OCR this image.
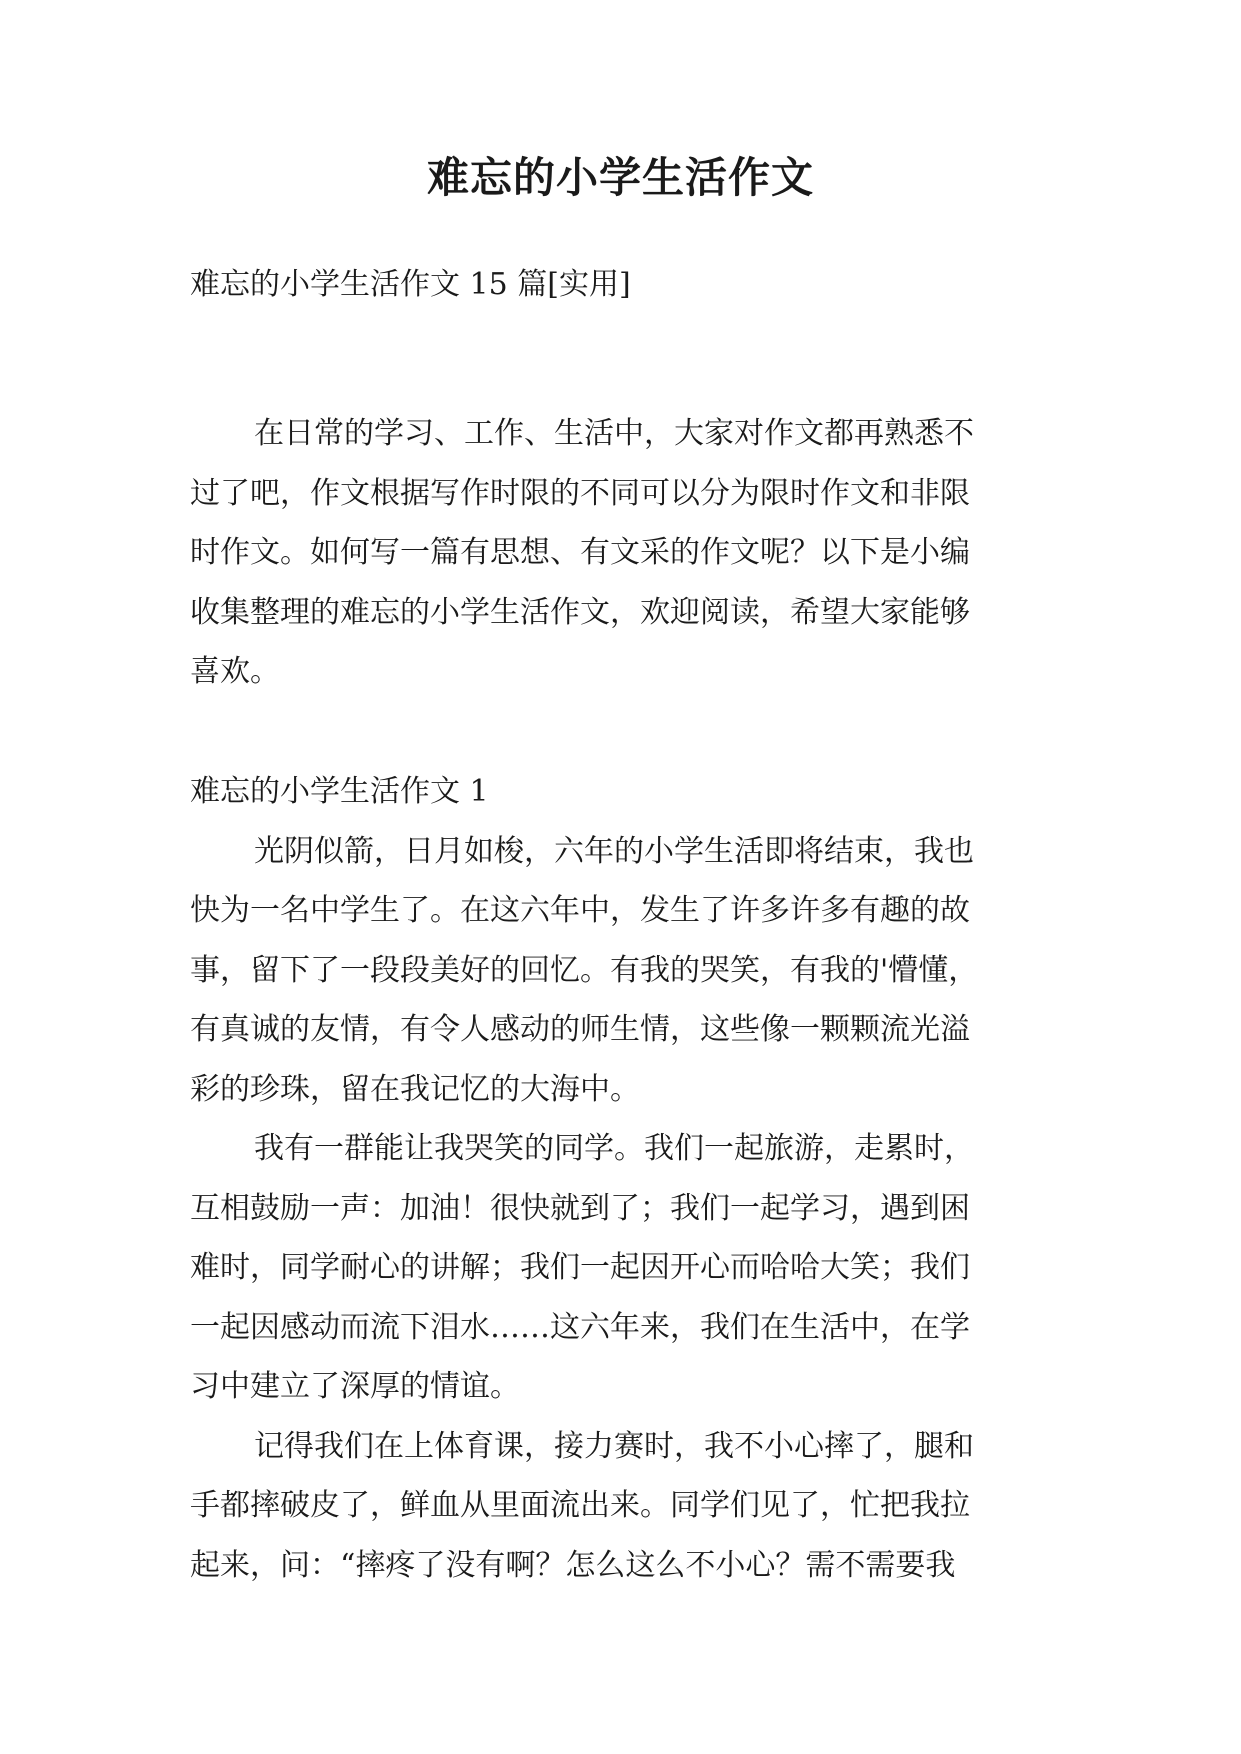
难忘的小学生活作文
难忘的小学生活作文 15 篇[实用]
在日常的学习、工作、生活中，大家对作文都再熟悉不
过了吧，作文根据写作时限的不同可以分为限时作文和非限
时作文。如何写一篇有思想、有文采的作文呢？以下是小编
收集整理的难忘的小学生活作文，欢迎阅读，希望大家能够
喜欢。
难忘的小学生活作文 1
光阴似箭，日月如梭，六年的小学生活即将结束，我也
快为一名中学生了。在这六年中，发生了许多许多有趣的故
事，留下了一段段美好的回忆。有我的哭笑，有我的'懵懂，
有真诚的友情，有令人感动的师生情，这些像一颗颗流光溢
彩的珍珠，留在我记忆的大海中。
我有一群能让我哭笑的同学。我们一起旅游，走累时，
互相鼓励一声：加油！很快就到了；我们一起学习，遇到困
难时，同学耐心的讲解；我们一起因开心而哈哈大笑；我们
一起因感动而流下泪水……这六年来，我们在生活中，在学
习中建立了深厚的情谊。
记得我们在上体育课，接力赛时，我不小心摔了，腿和
手都摔破皮了，鲜血从里面流出来。同学们见了，忙把我拉
起来，问：“摔疼了没有啊？怎么这么不小心？需不需要我
